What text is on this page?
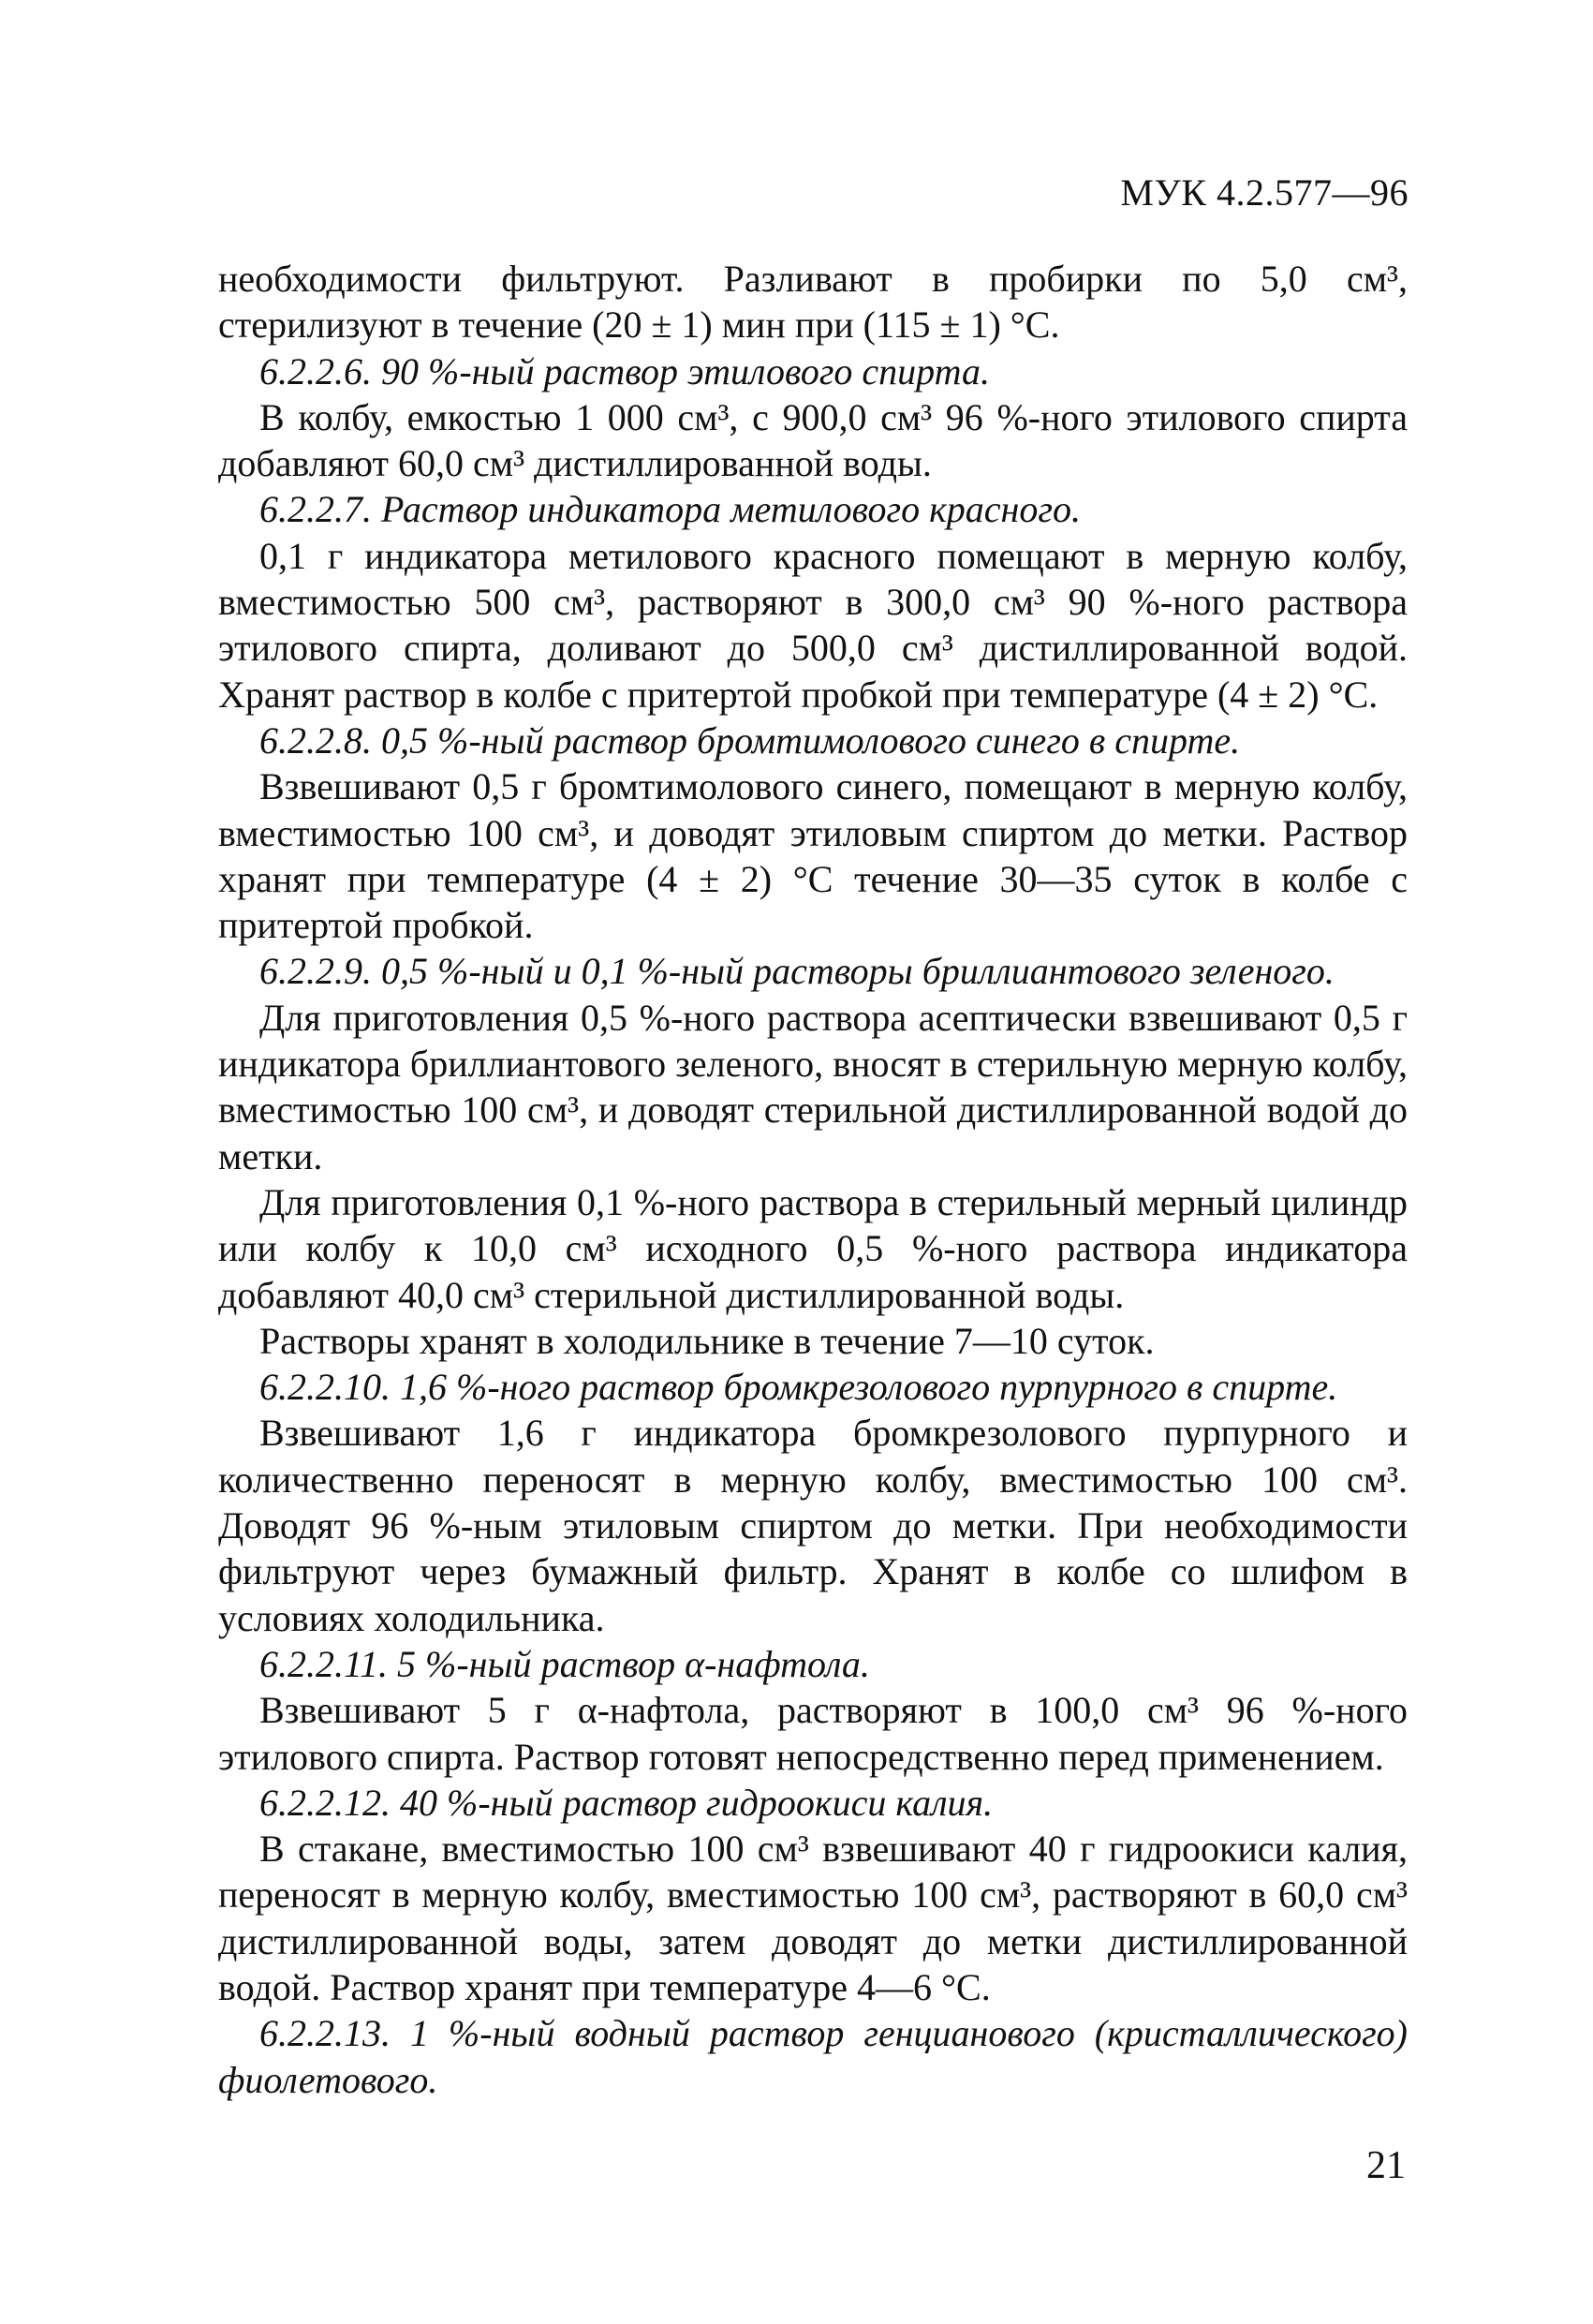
МУК 4.2.577—96

необходимости фильтруют. Разливают в пробирки по 5,0 см³, стерилизуют в течение (20 ± 1) мин при (115 ± 1) °С.

6.2.2.6. 90 %-ный раствор этилового спирта.

В колбу, емкостью 1 000 см³, с 900,0 см³ 96 %-ного этилового спирта добавляют 60,0 см³ дистиллированной воды.

6.2.2.7. Раствор индикатора метилового красного.

0,1 г индикатора метилового красного помещают в мерную колбу, вместимостью 500 см³, растворяют в 300,0 см³ 90 %-ного раствора этилового спирта, доливают до 500,0 см³ дистиллированной водой. Хранят раствор в колбе с притертой пробкой при температуре (4 ± 2) °С.

6.2.2.8. 0,5 %-ный раствор бромтимолового синего в спирте.

Взвешивают 0,5 г бромтимолового синего, помещают в мерную колбу, вместимостью 100 см³, и доводят этиловым спиртом до метки. Раствор хранят при температуре (4 ± 2) °С течение 30—35 суток в колбе с притертой пробкой.

6.2.2.9. 0,5 %-ный и 0,1 %-ный растворы бриллиантового зеленого.

Для приготовления 0,5 %-ного раствора асептически взвешивают 0,5 г индикатора бриллиантового зеленого, вносят в стерильную мерную колбу, вместимостью 100 см³, и доводят стерильной дистиллированной водой до метки.

Для приготовления 0,1 %-ного раствора в стерильный мерный цилиндр или колбу к 10,0 см³ исходного 0,5 %-ного раствора индикатора добавляют 40,0 см³ стерильной дистиллированной воды.

Растворы хранят в холодильнике в течение 7—10 суток.

6.2.2.10. 1,6 %-ного раствор бромкрезолового пурпурного в спирте.

Взвешивают 1,6 г индикатора бромкрезолового пурпурного и количественно переносят в мерную колбу, вместимостью 100 см³. Доводят 96 %-ным этиловым спиртом до метки. При необходимости фильтруют через бумажный фильтр. Хранят в колбе со шлифом в условиях холодильника.

6.2.2.11. 5 %-ный раствор α-нафтола.

Взвешивают 5 г α-нафтола, растворяют в 100,0 см³ 96 %-ного этилового спирта. Раствор готовят непосредственно перед применением.

6.2.2.12. 40 %-ный раствор гидроокиси калия.

В стакане, вместимостью 100 см³ взвешивают 40 г гидроокиси калия, переносят в мерную колбу, вместимостью 100 см³, растворяют в 60,0 см³ дистиллированной воды, затем доводят до метки дистиллированной водой. Раствор хранят при температуре 4—6 °С.

6.2.2.13. 1 %-ный водный раствор генцианового (кристаллического) фиолетового.

21
